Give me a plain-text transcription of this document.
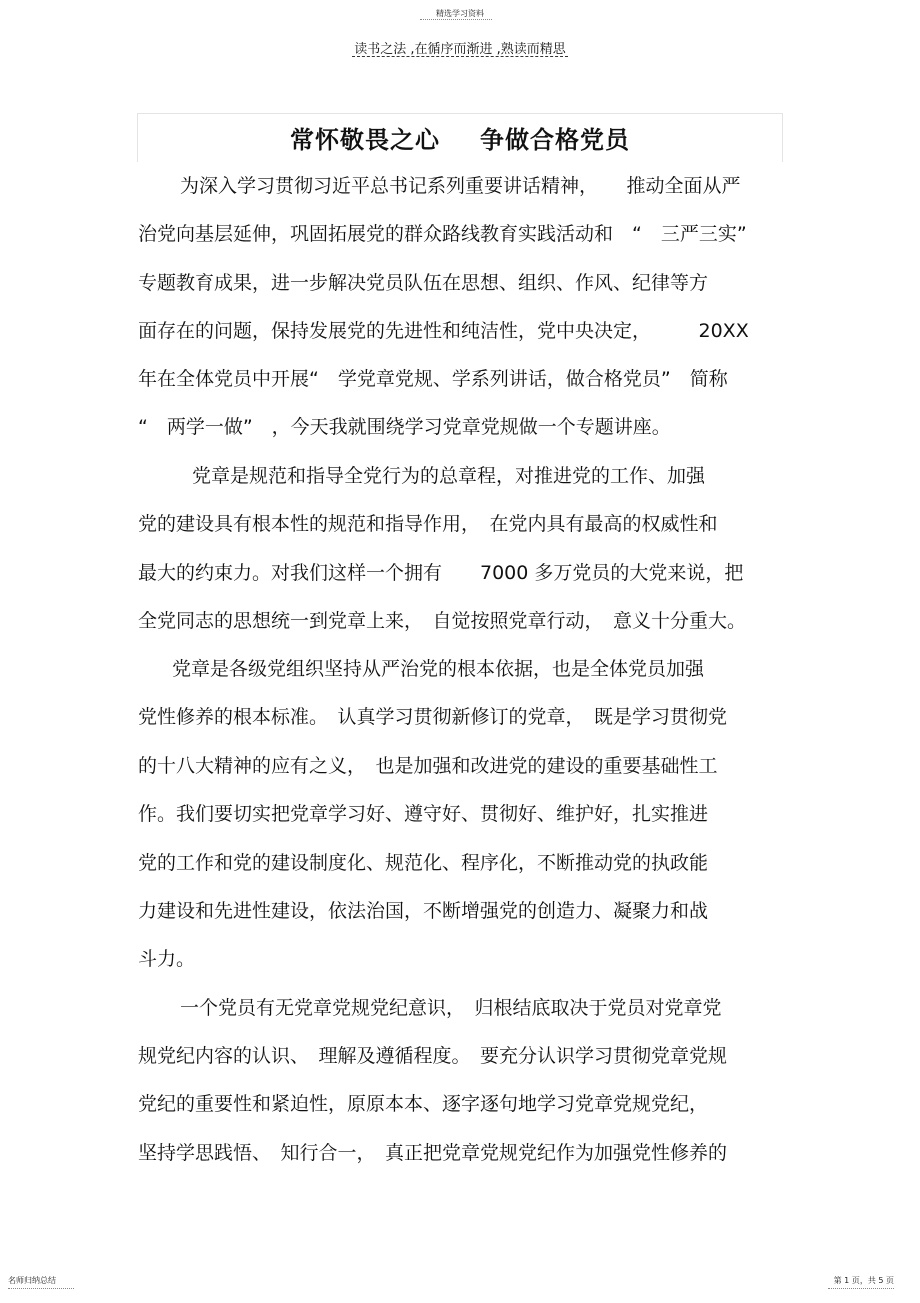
精选学习资料
读书之法 ,在循序而渐进 ,熟读而精思
常怀敬畏之心 争做合格党员
为深入学习贯彻习近平总书记系列重要讲话精神，　　推动全面从严
治党向基层延伸，巩固拓展党的群众路线教育实践活动和　“　三严三实”
专题教育成果，进一步解决党员队伍在思想、组织、作风、纪律等方
面存在的问题，保持发展党的先进性和纯洁性，党中央决定，　　　20XX
年在全体党员中开展“　学党章党规、学系列讲话，做合格党员”　简称
“　两学一做”　，今天我就围绕学习党章党规做一个专题讲座。
党章是规范和指导全党行为的总章程，对推进党的工作、加强
党的建设具有根本性的规范和指导作用，　在党内具有最高的权威性和
最大的约束力。对我们这样一个拥有　　7000 多万党员的大党来说，把
全党同志的思想统一到党章上来，　自觉按照党章行动，　意义十分重大。
党章是各级党组织坚持从严治党的根本依据，也是全体党员加强
党性修养的根本标准。　认真学习贯彻新修订的党章，　既是学习贯彻党
的十八大精神的应有之义，　也是加强和改进党的建设的重要基础性工
作。我们要切实把党章学习好、遵守好、贯彻好、维护好，扎实推进
党的工作和党的建设制度化、规范化、程序化，不断推动党的执政能
力建设和先进性建设，依法治国，不断增强党的创造力、凝聚力和战
斗力。
一个党员有无党章党规党纪意识，　归根结底取决于党员对党章党
规党纪内容的认识、　理解及遵循程度。　要充分认识学习贯彻党章党规
党纪的重要性和紧迫性，原原本本、逐字逐句地学习党章党规党纪，
坚持学思践悟、　知行合一，　真正把党章党规党纪作为加强党性修养的
名师归纳总结	第 1 页，共 5 页
